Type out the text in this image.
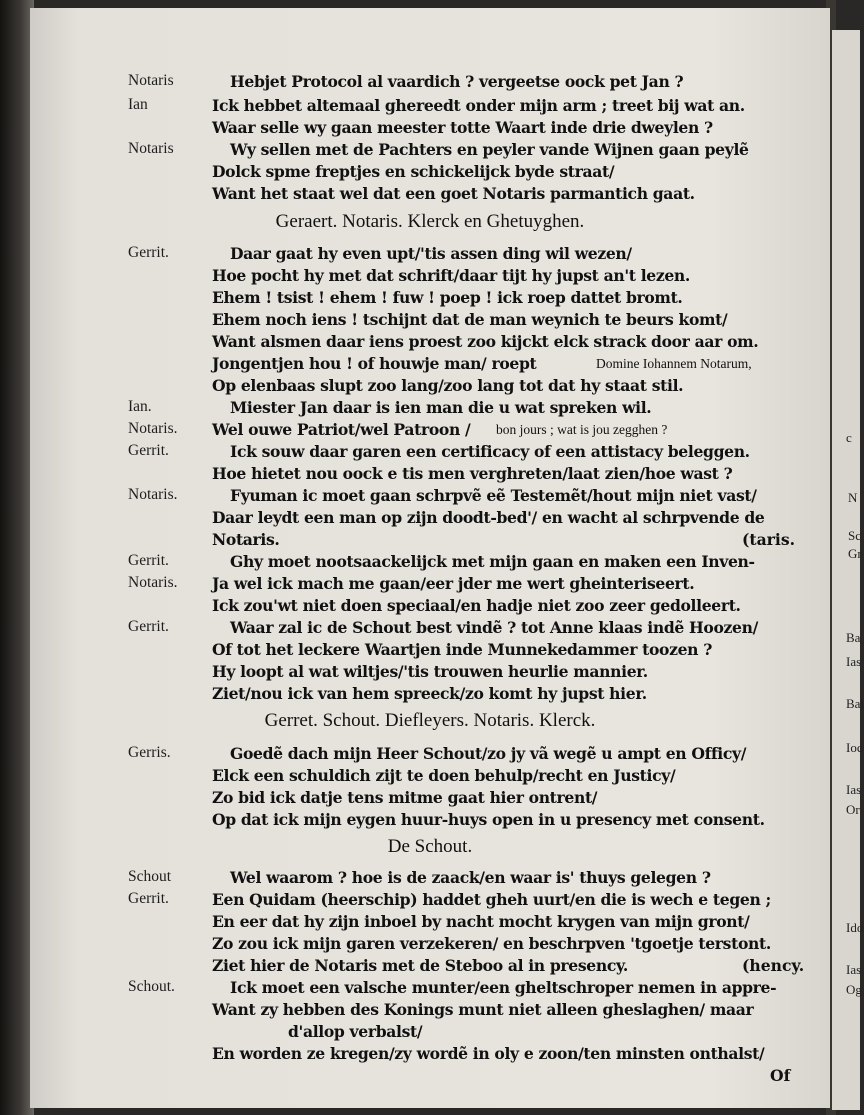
c
N
Sc
Gr
Ba
Ias
Bal
Ioc
Ias
Or
Ido
Ias
Og
Notaris	Hebjet Protocol al vaardich ? vergeetse oock pet Jan ?
Ian	Ick hebbet altemaal ghereedt onder mijn arm ; treet bij wat an.
Waar selle wy gaan meester totte Waart inde drie dweylen ?
Notaris	Wy sellen met de Pachters en peyler vande Wijnen gaan peylẽ
Dolck spme freptjes en schickelijck byde straat/
Want het staat wel dat een goet Notaris parmantich gaat.
Geraert. Notaris. Klerck en Ghetuyghen.
Gerrit.	Daar gaat hy even upt/'tis assen ding wil wezen/
Hoe pocht hy met dat schrift/daar tijt hy jupst an't lezen.
Ehem ! tsist ! ehem ! fuw ! poep ! ick roep dattet bromt.
Ehem noch iens ! tschijnt dat de man weynich te beurs komt/
Want alsmen daar iens proest zoo kijckt elck strack door aar om.
Jongentjen hou ! of houwje man/ roept	Domine Iohannem Notarum,
Op elenbaas slupt zoo lang/zoo lang tot dat hy staat stil.
Ian.	Miester Jan daar is ien man die u wat spreken wil.
Notaris. Wel ouwe Patriot/wel Patroon / bon jours ; wat is jou zegghen ?
Gerrit.	Ick souw daar garen een certificacy of een attistacy beleggen.
Hoe hietet nou oock e tis men verghreten/laat zien/hoe wast ?
Notaris.	Fyuman ic moet gaan schrpvẽ eẽ Testemẽt/hout mijn niet vast/
Daar leydt een man op zijn doodt-bed'/ en wacht al schrpvende de
Notaris.	(taris.
Gerrit.	Ghy moet nootsaackelijck met mijn gaan en maken een Inven-
Notaris. Ja wel ick mach me gaan/eer jder me wert gheinteriseert.
Ick zou'wt niet doen speciaal/en hadje niet zoo zeer gedolleert.
Gerrit.	Waar zal ic de Schout best vindẽ ? tot Anne klaas indẽ Hoozen/
Of tot het leckere Waartjen inde Munnekedammer toozen ?
Hy loopt al wat wiltjes/'tis trouwen heurlie mannier.
Ziet/nou ick van hem spreeck/zo komt hy jupst hier.
Gerret. Schout. Diefleyers. Notaris. Klerck.
Gerris.	Goedẽ dach mijn Heer Schout/zo jy vã wegẽ u ampt en Officy/
Elck een schuldich zijt te doen behulp/recht en Justicy/
Zo bid ick datje tens mitme gaat hier ontrent/
Op dat ick mijn eygen huur-huys open in u presency met consent.
De Schout.
Schout	Wel waarom ? hoe is de zaack/en waar is' thuys gelegen ?
Gerrit.	Een Quidam (heerschip) haddet gheh uurt/en die is wech e tegen ;
En eer dat hy zijn inboel by nacht mocht krygen van mijn gront/
Zo zou ick mijn garen verzekeren/ en beschrpven 'tgoetje terstont.
Ziet hier de Notaris met de Steboo al in presency.	(hency.
Schout.	Ick moet een valsche munter/een gheltschroper nemen in appre-
Want zy hebben des Konings munt niet alleen gheslaghen/ maar
d'allop verbalst/
En worden ze kregen/zy wordẽ in oly e zoon/ten minsten onthalst/
Of
